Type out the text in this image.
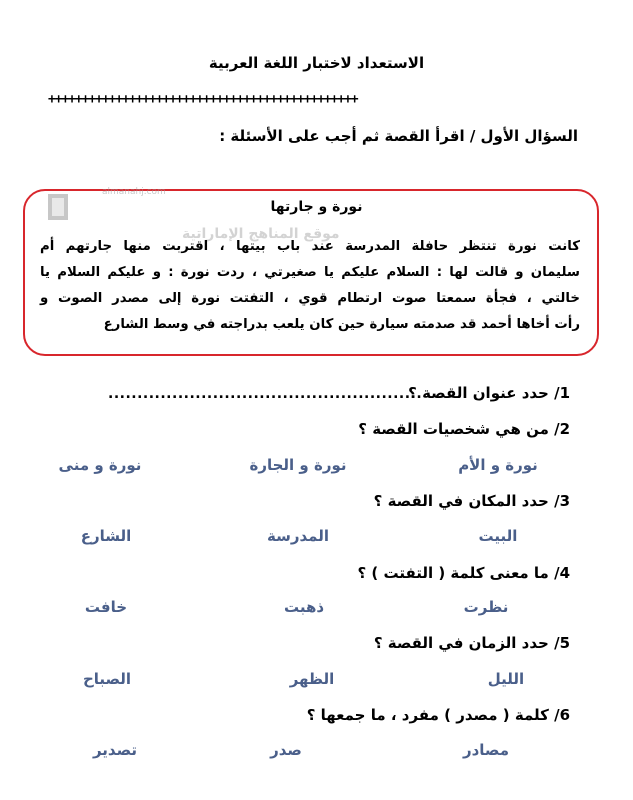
الاستعداد لاختبار اللغة العربية
++++++++++++++++++++++++++++++++++++++++++++++
السؤال الأول / اقرأ القصة ثم أجب على الأسئلة :
almanahj.com
موقع المناهج الإماراتية
نورة و جارتها
كانت نورة تنتظر حافلة المدرسة عند باب بيتها ، اقتربت منها جارتهم أم
سليمان و قالت لها : السلام عليكم يا صغيرتي ، ردت نورة : و عليكم السلام يا
خالتي ، فجأة سمعتا صوت ارتطام قوي ، التفتت نورة إلى مصدر الصوت و
رأت أخاها أحمد قد صدمته سيارة حين كان يلعب بدراجته في وسط الشارع
1/ حدد عنوان القصة ؟
......................................................
2/ من هي شخصيات القصة ؟
نورة و الأم
نورة و الجارة
نورة و منى
3/ حدد المكان في القصة ؟
البيت
المدرسة
الشارع
4/ ما معنى كلمة ( التفتت ) ؟
نظرت
ذهبت
خافت
5/ حدد الزمان في القصة ؟
الليل
الظهر
الصباح
6/ كلمة ( مصدر ) مفرد ، ما جمعها ؟
مصادر
صدر
تصدير
